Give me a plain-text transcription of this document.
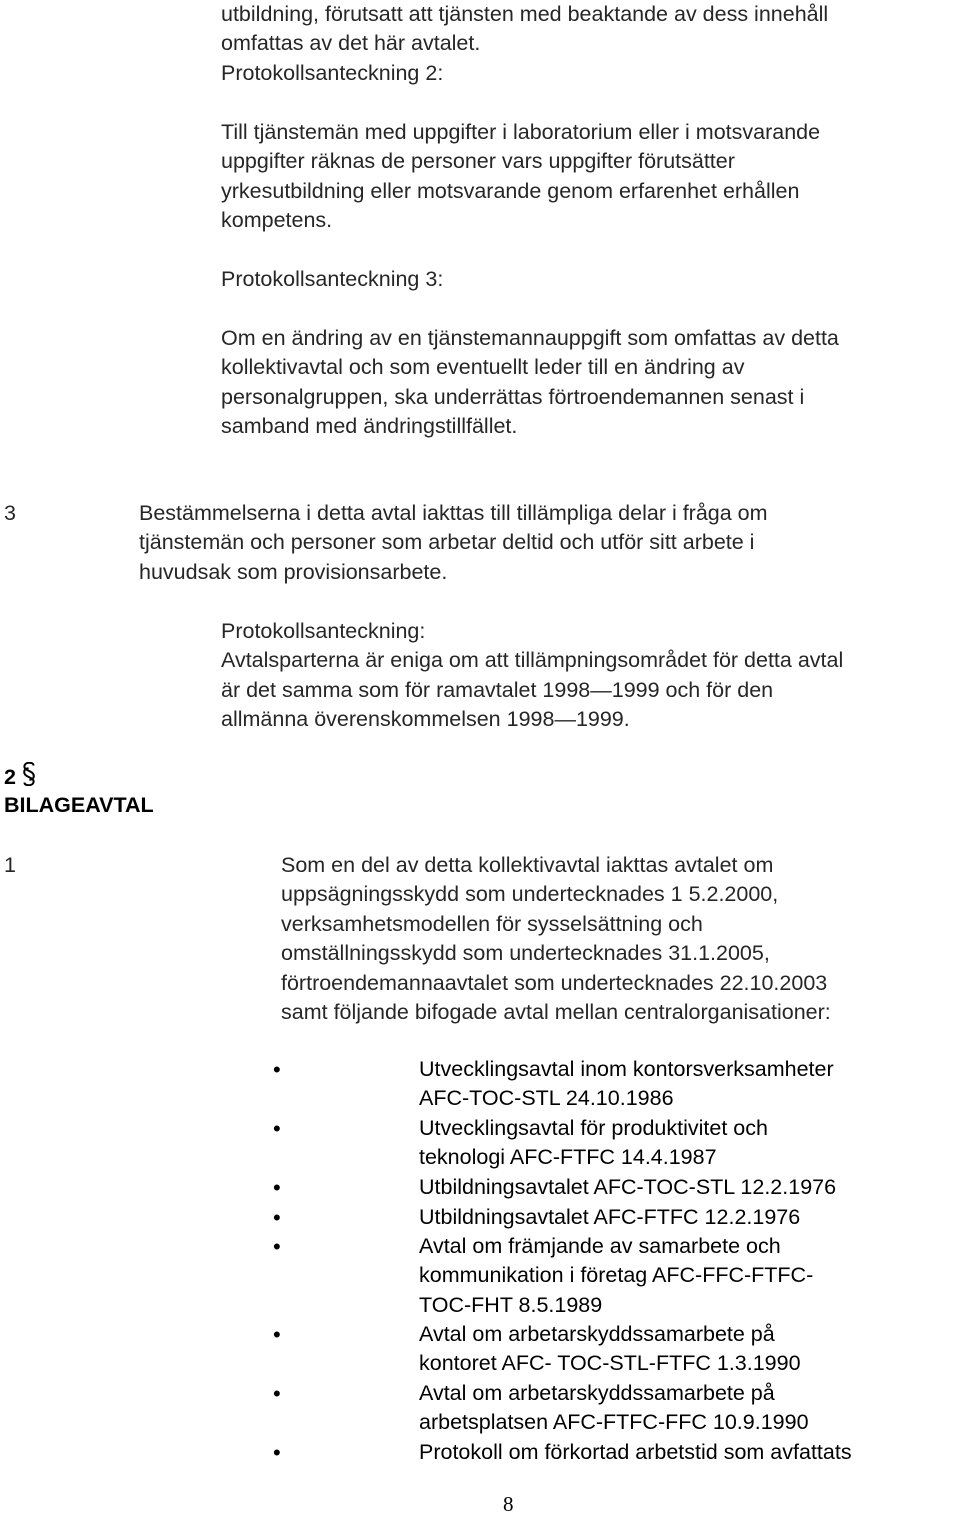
utbildning, förutsatt att tjänsten med beaktande av dess innehåll
omfattas av det här avtalet.
Protokollsanteckning 2:
Till tjänstemän med uppgifter i laboratorium eller i motsvarande
uppgifter räknas de personer vars uppgifter förutsätter
yrkesutbildning eller motsvarande genom erfarenhet erhållen
kompetens.
Protokollsanteckning 3:
Om en ändring av en tjänstemannauppgift som omfattas av detta
kollektivavtal och som eventuellt leder till en ändring av
personalgruppen, ska underrättas förtroendemannen senast i
samband med ändringstillfället.
3	Bestämmelserna i detta avtal iakttas till tillämpliga delar i fråga om
tjänstemän och personer som arbetar deltid och utför sitt arbete i
huvudsak som provisionsarbete.
Protokollsanteckning:
Avtalsparterna är eniga om att tillämpningsområdet för detta avtal
är det samma som för ramavtalet 1998—1999 och för den
allmänna överenskommelsen 1998—1999.
2
BILAGEAVTAL
1	Som en del av detta kollektivavtal iakttas avtalet om
uppsägningsskydd som undertecknades 1 5.2.2000,
verksamhetsmodellen för sysselsättning och
omställningsskydd som undertecknades 31.1.2005,
förtroendemannaavtalet som undertecknades 22.10.2003
samt följande bifogade avtal mellan centralorganisationer:
•	Utvecklingsavtal inom kontorsverksamheter
AFC-TOC-STL 24.10.1986
•	Utvecklingsavtal för produktivitet och
teknologi AFC-FTFC 14.4.1987
•	Utbildningsavtalet AFC-TOC-STL 12.2.1976
•	Utbildningsavtalet AFC-FTFC 12.2.1976
•	Avtal om främjande av samarbete och
kommunikation i företag AFC-FFC-FTFC-
TOC-FHT 8.5.1989
•	Avtal om arbetarskyddssamarbete på
kontoret AFC- TOC-STL-FTFC 1.3.1990
•	Avtal om arbetarskyddssamarbete på
arbetsplatsen AFC-FTFC-FFC 10.9.1990
•	Protokoll om förkortad arbetstid som avfattats
8
